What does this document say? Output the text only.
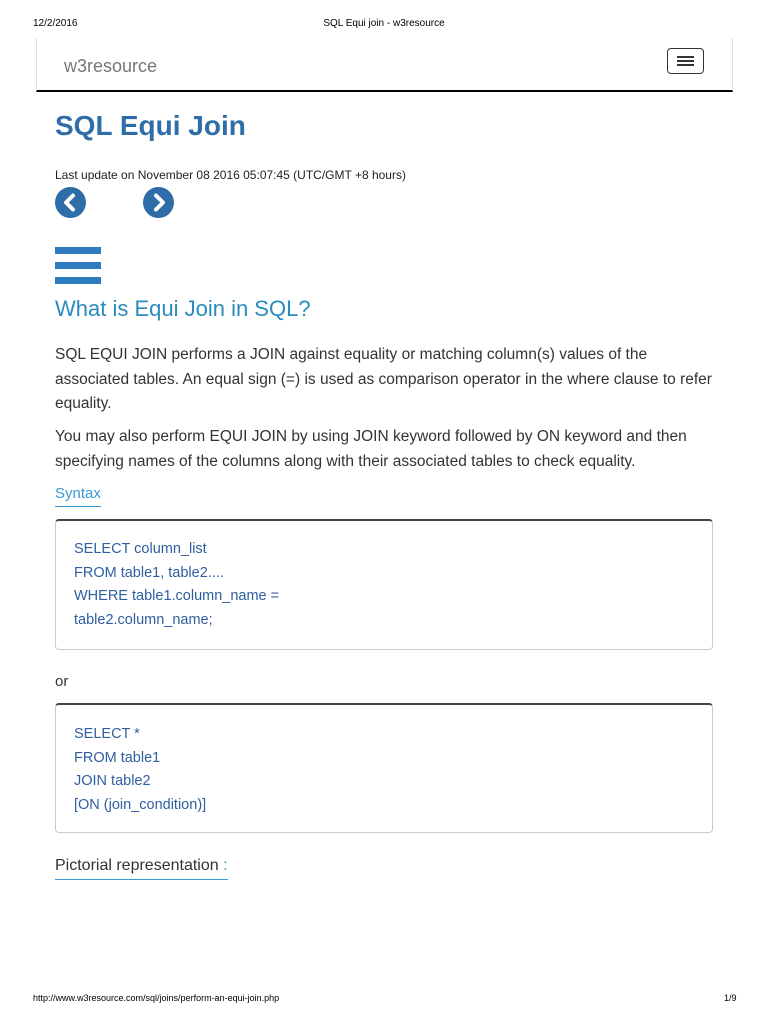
12/2/2016	SQL Equi join - w3resource
w3resource
SQL Equi Join
Last update on November 08 2016 05:07:45 (UTC/GMT +8 hours)
What is Equi Join in SQL?

SQL EQUI JOIN performs a JOIN against equality or matching column(s) values of the associated tables. An equal sign (=) is used as comparison operator in the where clause to refer equality.

You may also perform EQUI JOIN by using JOIN keyword followed by ON keyword and then specifying names of the columns along with their associated tables to check equality.

Syntax
SELECT column_list
FROM table1, table2....
WHERE table1.column_name =
table2.column_name;
or
SELECT *
FROM table1
JOIN table2
[ON (join_condition)]
Pictorial representation :
http://www.w3resource.com/sql/joins/perform-an-equi-join.php	1/9
